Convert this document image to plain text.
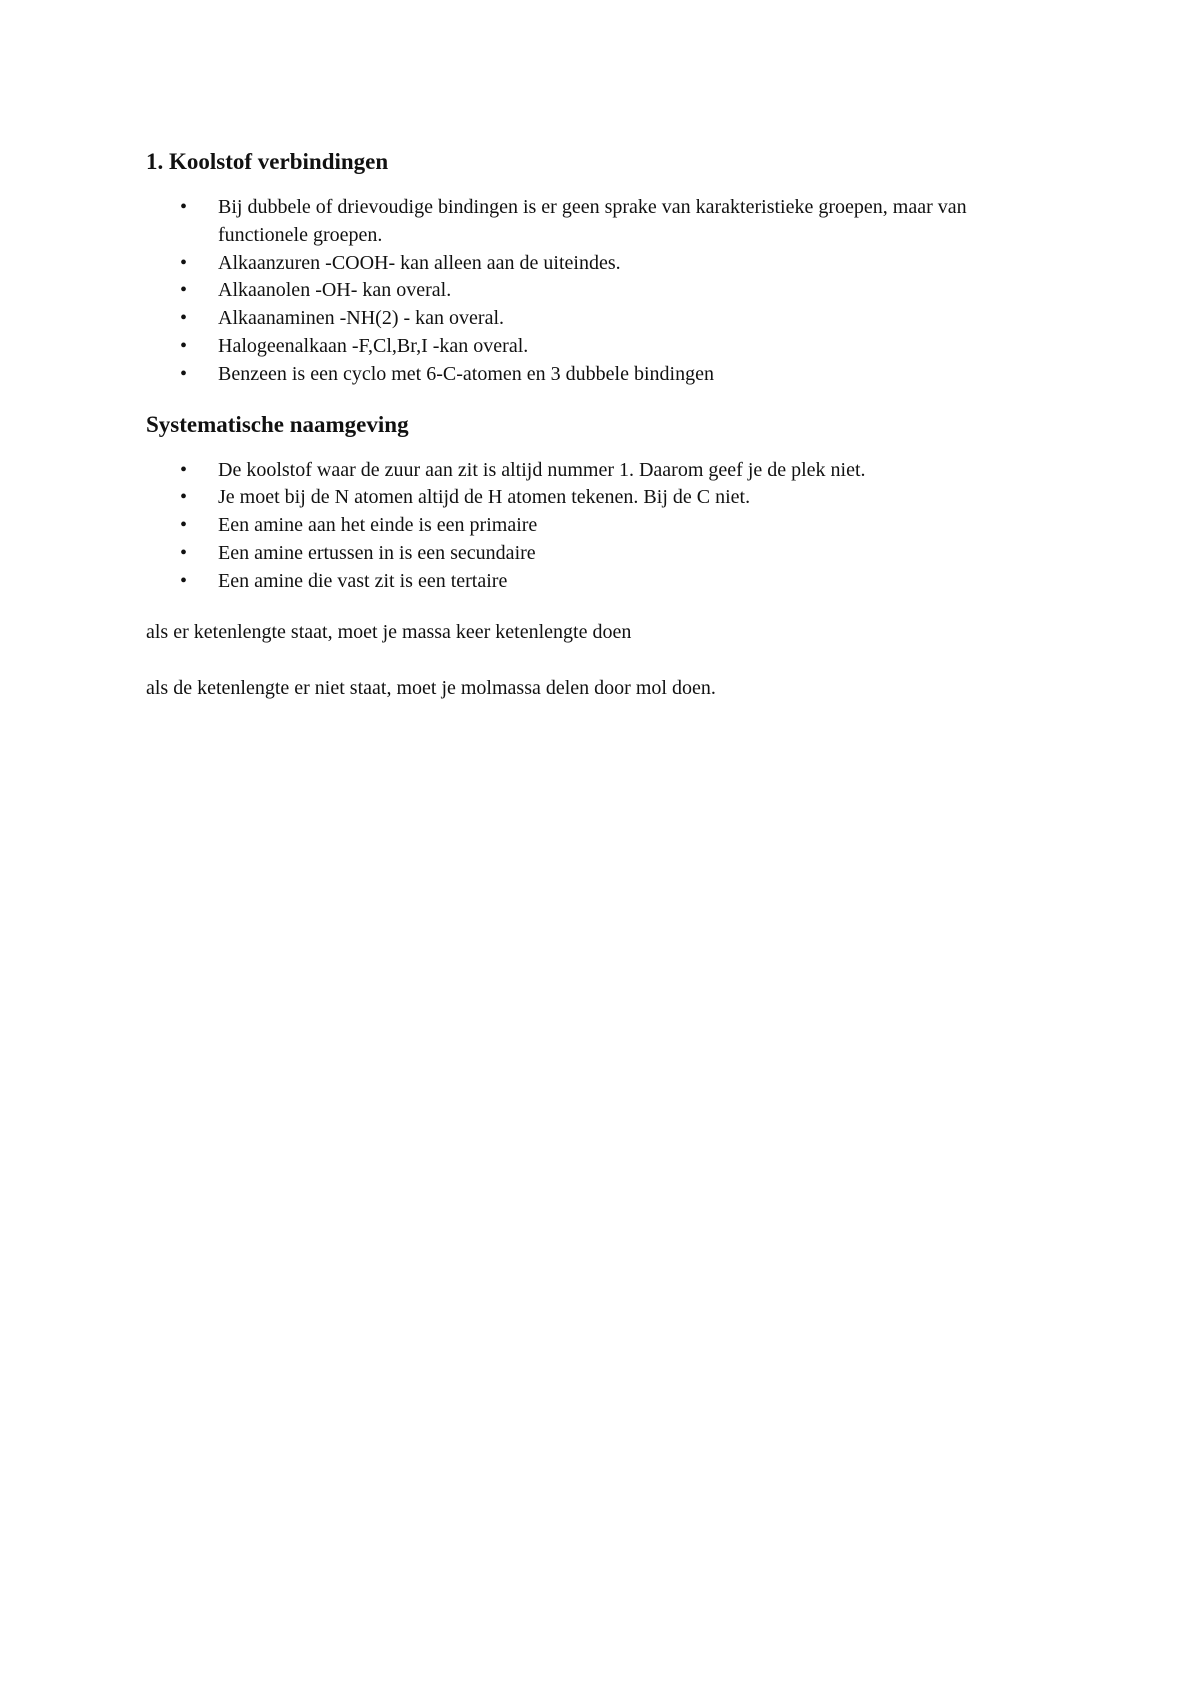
1. Koolstof verbindingen
• Bij dubbele of drievoudige bindingen is er geen sprake van karakteristieke groepen, maar van functionele groepen.
• Alkaanzuren -COOH- kan alleen aan de uiteindes.
• Alkaanolen -OH- kan overal.
• Alkaanaminen -NH(2) - kan overal.
• Halogeenalkaan -F,Cl,Br,I -kan overal.
• Benzeen is een cyclo met 6-C-atomen en 3 dubbele bindingen
Systematische naamgeving
• De koolstof waar de zuur aan zit is altijd nummer 1. Daarom geef je de plek niet.
• Je moet bij de N atomen altijd de H atomen tekenen. Bij de C niet.
• Een amine aan het einde is een primaire
• Een amine ertussen in is een secundaire
• Een amine die vast zit is een tertaire

als er ketenlengte staat, moet je massa keer ketenlengte doen

als de ketenlengte er niet staat, moet je molmassa delen door mol doen.
